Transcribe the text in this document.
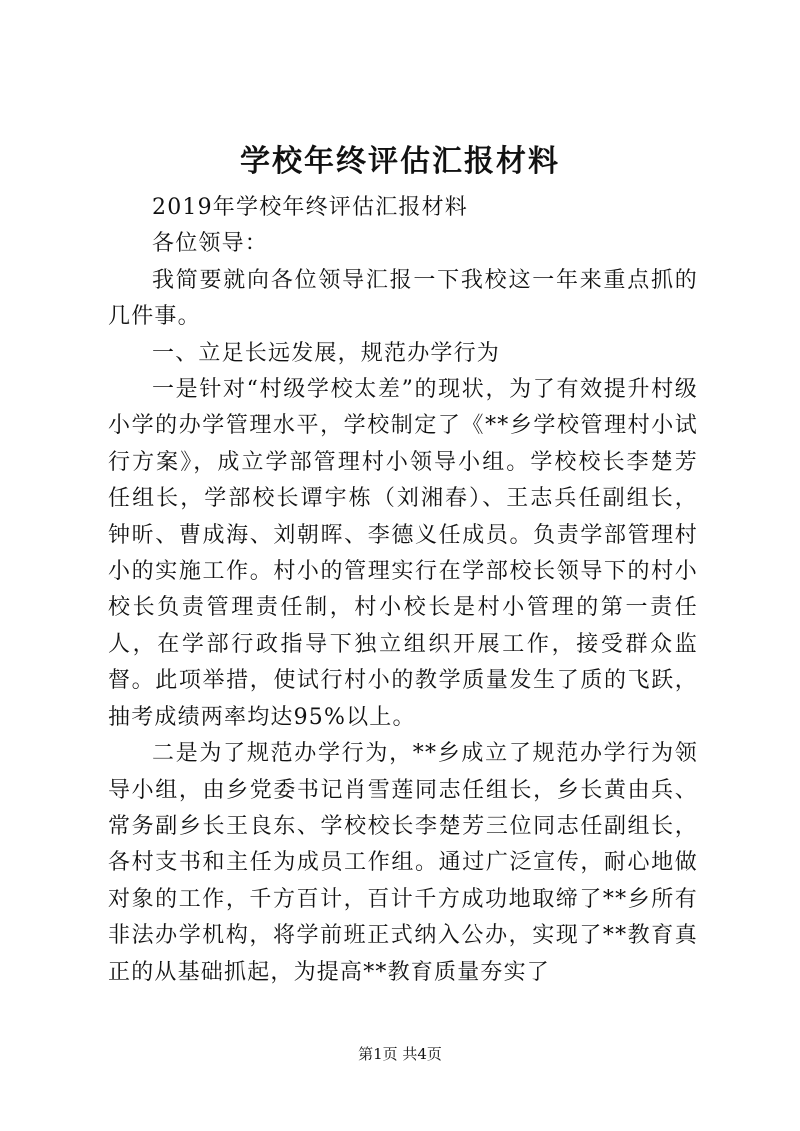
学校年终评估汇报材料

2019年学校年终评估汇报材料

各位领导：

我简要就向各位领导汇报一下我校这一年来重点抓的几件事。

一、立足长远发展，规范办学行为

一是针对“村级学校太差”的现状，为了有效提升村级小学的办学管理水平，学校制定了《**乡学校管理村小试行方案》，成立学部管理村小领导小组。学校校长李楚芳任组长，学部校长谭宇栋（刘湘春）、王志兵任副组长，钟昕、曹成海、刘朝晖、李德义任成员。负责学部管理村小的实施工作。村小的管理实行在学部校长领导下的村小校长负责管理责任制，村小校长是村小管理的第一责任人，在学部行政指导下独立组织开展工作，接受群众监督。此项举措，使试行村小的教学质量发生了质的飞跃，抽考成绩两率均达95%以上。

二是为了规范办学行为，**乡成立了规范办学行为领导小组，由乡党委书记肖雪莲同志任组长，乡长黄由兵、常务副乡长王良东、学校校长李楚芳三位同志任副组长，各村支书和主任为成员工作组。通过广泛宣传，耐心地做对象的工作，千方百计，百计千方成功地取缔了**乡所有非法办学机构，将学前班正式纳入公办，实现了**教育真正的从基础抓起，为提高**教育质量夯实了

第1页 共4页
